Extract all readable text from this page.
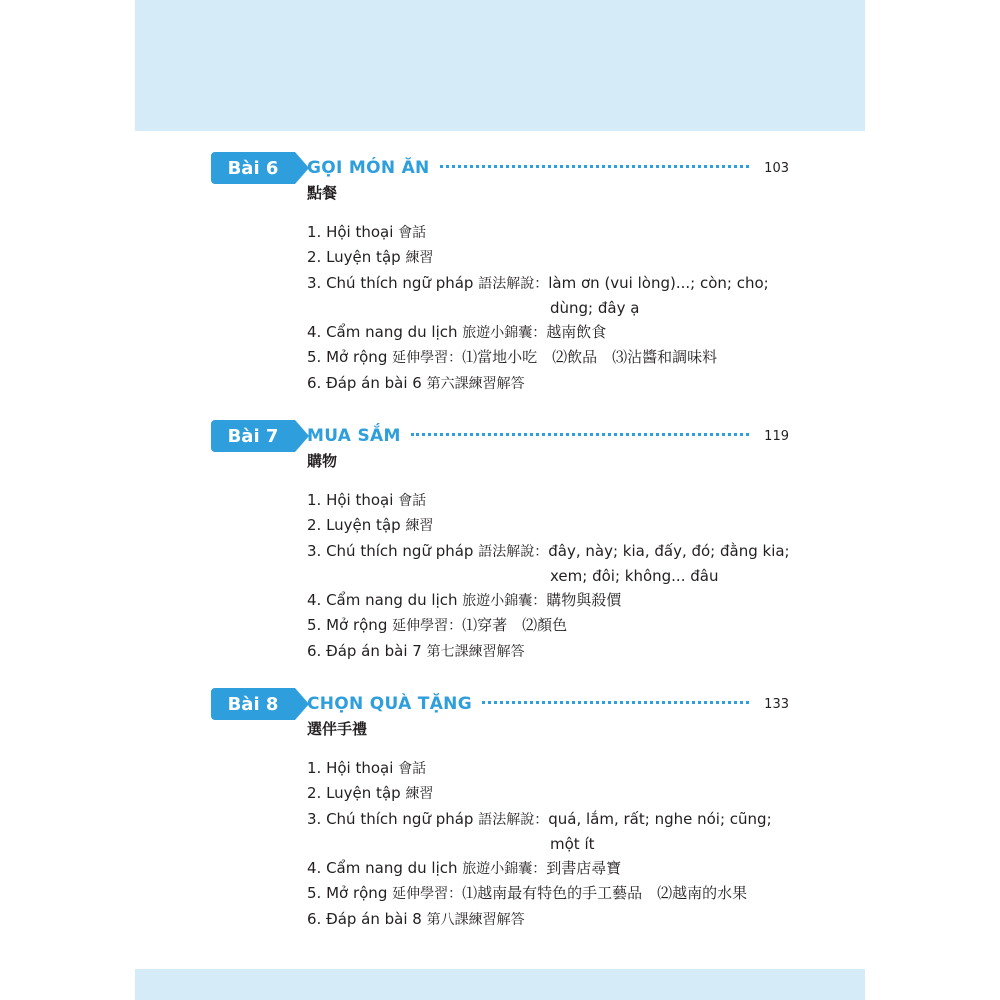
Bài 6	GỌI MÓN ĂN	103
點餐
1. Hội thoại 會話
2. Luyện tập 練習
3. Chú thích ngữ pháp 語法解說：làm ơn (vui lòng)...; còn; cho;
dùng; đây ạ
4. Cẩm nang du lịch 旅遊小錦囊：越南飲食
5. Mở rộng 延伸學習：⑴當地小吃　⑵飲品　⑶沾醬和調味料
6. Đáp án bài 6 第六課練習解答
Bài 7	MUA SẮM	119
購物
1. Hội thoại 會話
2. Luyện tập 練習
3. Chú thích ngữ pháp 語法解說：đây, này; kia, đấy, đó; đằng kia;
xem; đôi; không... đâu
4. Cẩm nang du lịch 旅遊小錦囊：購物與殺價
5. Mở rộng 延伸學習：⑴穿著　⑵顏色
6. Đáp án bài 7 第七課練習解答
Bài 8	CHỌN QUÀ TẶNG	133
選伴手禮
1. Hội thoại 會話
2. Luyện tập 練習
3. Chú thích ngữ pháp 語法解說：quá, lắm, rất; nghe nói; cũng;
một ít
4. Cẩm nang du lịch 旅遊小錦囊：到書店尋寶
5. Mở rộng 延伸學習：⑴越南最有特色的手工藝品　⑵越南的水果
6. Đáp án bài 8 第八課練習解答
